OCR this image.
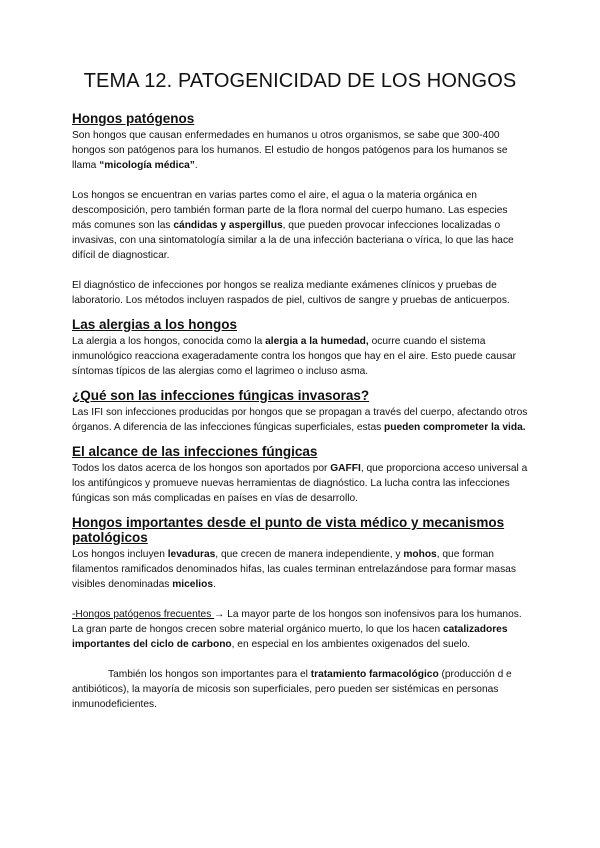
TEMA 12. PATOGENICIDAD DE LOS HONGOS
Hongos patógenos

Son hongos que causan enfermedades en humanos u otros organismos, se sabe que 300-400 hongos son patógenos para los humanos. El estudio de hongos patógenos para los humanos se llama “micología médica”.

Los hongos se encuentran en varias partes como el aire, el agua o la materia orgánica en descomposición, pero también forman parte de la flora normal del cuerpo humano. Las especies más comunes son las cándidas y aspergillus, que pueden provocar infecciones localizadas o invasivas, con una sintomatología similar a la de una infección bacteriana o vírica, lo que las hace difícil de diagnosticar.

El diagnóstico de infecciones por hongos se realiza mediante exámenes clínicos y pruebas de laboratorio. Los métodos incluyen raspados de piel, cultivos de sangre y pruebas de anticuerpos.

Las alergias a los hongos

La alergia a los hongos, conocida como la alergia a la humedad, ocurre cuando el sistema inmunológico reacciona exageradamente contra los hongos que hay en el aire. Esto puede causar síntomas típicos de las alergias como el lagrimeo o incluso asma.

¿Qué son las infecciones fúngicas invasoras?

Las IFI son infecciones producidas por hongos que se propagan a través del cuerpo, afectando otros órganos. A diferencia de las infecciones fúngicas superficiales, estas pueden comprometer la vida.

El alcance de las infecciones fúngicas

Todos los datos acerca de los hongos son aportados por GAFFI, que proporciona acceso universal a los antifúngicos y promueve nuevas herramientas de diagnóstico. La lucha contra las infecciones fúngicas son más complicadas en países en vías de desarrollo.

Hongos importantes desde el punto de vista médico y mecanismos patológicos

Los hongos incluyen levaduras, que crecen de manera independiente, y mohos, que forman filamentos ramificados denominados hifas, las cuales terminan entrelazándose para formar masas visibles denominadas micelios.

-Hongos patógenos frecuentes → La mayor parte de los hongos son inofensivos para los humanos. La gran parte de hongos crecen sobre material orgánico muerto, lo que los hacen catalizadores importantes del ciclo de carbono, en especial en los ambientes oxigenados del suelo.

También los hongos son importantes para el tratamiento farmacológico (producción d e antibióticos), la mayoría de micosis son superficiales, pero pueden ser sistémicas en personas inmunodeficientes.
